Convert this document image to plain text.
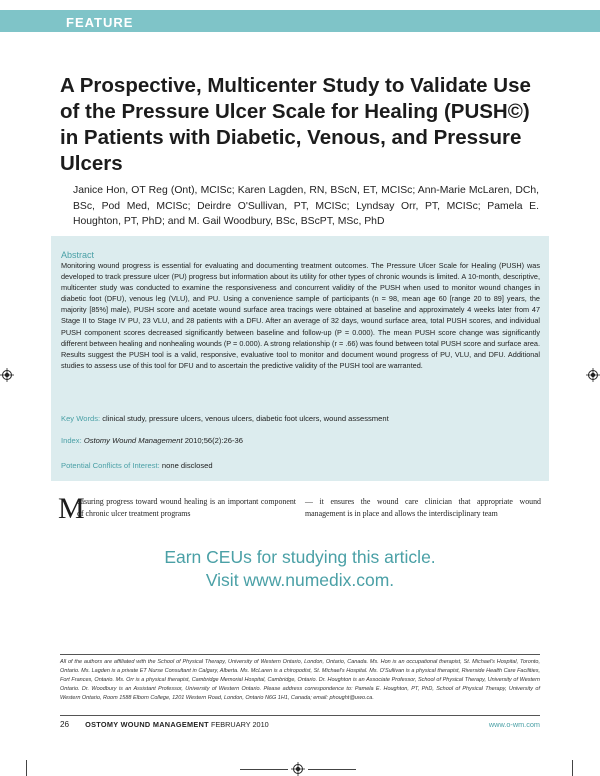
FEATURE
A Prospective, Multicenter Study to Validate Use of the Pressure Ulcer Scale for Healing (PUSH©) in Patients with Diabetic, Venous, and Pressure Ulcers
Janice Hon, OT Reg (Ont), MCISc; Karen Lagden, RN, BScN, ET, MCISc; Ann-Marie McLaren, DCh, BSc, Pod Med, MCISc; Deirdre O'Sullivan, PT, MCISc; Lyndsay Orr, PT, MCISc; Pamela E. Houghton, PT, PhD; and M. Gail Woodbury, BSc, BScPT, MSc, PhD
Abstract
Monitoring wound progress is essential for evaluating and documenting treatment outcomes. The Pressure Ulcer Scale for Healing (PUSH) was developed to track pressure ulcer (PU) progress but information about its utility for other types of chronic wounds is limited. A 10-month, descriptive, multicenter study was conducted to examine the responsiveness and concurrent validity of the PUSH when used to monitor wound changes in diabetic foot (DFU), venous leg (VLU), and PU. Using a convenience sample of participants (n = 98, mean age 60 [range 20 to 89] years, the majority [85%] male), PUSH score and acetate wound surface area tracings were obtained at baseline and approximately 4 weeks later from 47 Stage II to Stage IV PU, 23 VLU, and 28 patients with a DFU. After an average of 32 days, wound surface area, total PUSH scores, and individual PUSH component scores decreased significantly between baseline and follow-up (P = 0.000). The mean PUSH score change was significantly different between healing and nonhealing wounds (P = 0.000). A strong relationship (r = .66) was found between total PUSH score and surface area. Results suggest the PUSH tool is a valid, responsive, evaluative tool to monitor and document wound progress of PU, VLU, and DFU. Additional studies to assess use of this tool for DFU and to ascertain the predictive validity of the PUSH tool are warranted.
Key Words: clinical study, pressure ulcers, venous ulcers, diabetic foot ulcers, wound assessment
Index: Ostomy Wound Management 2010;56(2):26-36
Potential Conflicts of Interest: none disclosed
M
easuring progress toward wound healing is an important component of chronic ulcer treatment programs
— it ensures the wound care clinician that appropriate wound management is in place and allows the interdisciplinary team
Earn CEUs for studying this article.
Visit www.numedix.com.
All of the authors are affiliated with the School of Physical Therapy, University of Western Ontario, London, Ontario, Canada. Ms. Hon is an occupational therapist, St. Michael's Hospital, Toronto, Ontario. Ms. Lagden is a private ET Nurse Consultant in Calgary, Alberta. Ms. McLaren is a chiropodist, St. Michael's Hospital. Ms. O'Sullivan is a physical therapist, Riverside Health Care Facilities, Fort Frances, Ontario. Ms. Orr is a physical therapist, Cambridge Memorial Hospital, Cambridge, Ontario. Dr. Houghton is an Associate Professor, School of Physical Therapy, University of Western Ontario. Dr. Woodbury is an Assistant Professor, University of Western Ontario. Please address correspondence to: Pamela E. Houghton, PT, PhD, School of Physical Therapy, University of Western Ontario, Room 1588 Elborn College, 1201 Western Road, London, Ontario N6G 1H1, Canada; email: phought@uwo.ca.
26 OSTOMY WOUND MANAGEMENT FEBRUARY 2010	www.o-wm.com
